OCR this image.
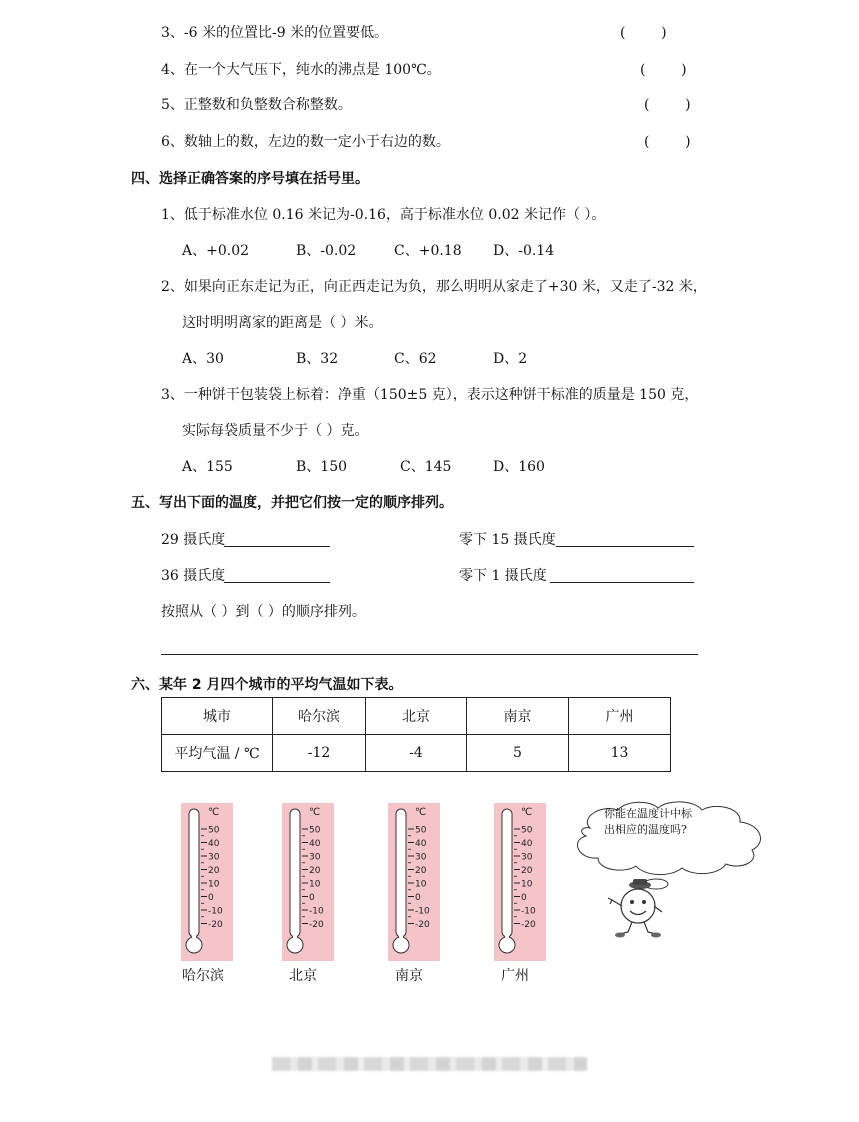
3、-6 米的位置比-9 米的位置要低。	(        )
4、在一个大气压下，纯水的沸点是 100℃。	(        )
5、正整数和负整数合称整数。	(        )
6、数轴上的数，左边的数一定小于右边的数。	(        )
四、选择正确答案的序号填在括号里。
1、低于标准水位 0.16 米记为-0.16，高于标准水位 0.02 米记作（ ）。
A、+0.02	B、-0.02	C、+0.18 D、-0.14
2、如果向正东走记为正，向正西走记为负，那么明明从家走了+30 米，又走了-32 米，
这时明明离家的距离是（ ）米。
A、30	B、32	C、62	D、2
3、一种饼干包装袋上标着：净重（150±5 克），表示这种饼干标准的质量是 150 克，
实际每袋质量不少于（ ）克。
A、155	B、150	C、145	D、160
五、写出下面的温度，并把它们按一定的顺序排列。
29 摄氏度	零下 15 摄氏度
36 摄氏度	零下 1 摄氏度
按照从（ ）到（ ）的顺序排列。
六、某年 2 月四个城市的平均气温如下表。
城市	哈尔滨	北京	南京	广州
平均气温 / ℃	-12	-4	5	13
℃
50
40
30
20
10
0
-10
-20
℃
50
40
30
20
10
0
-10
-20
℃
50
40
30
20
10
0
-10
-20
℃
50
40
30
20
10
0
-10
-20
哈尔滨	北京	南京	广州
你能在温度计中标
出相应的温度吗?
